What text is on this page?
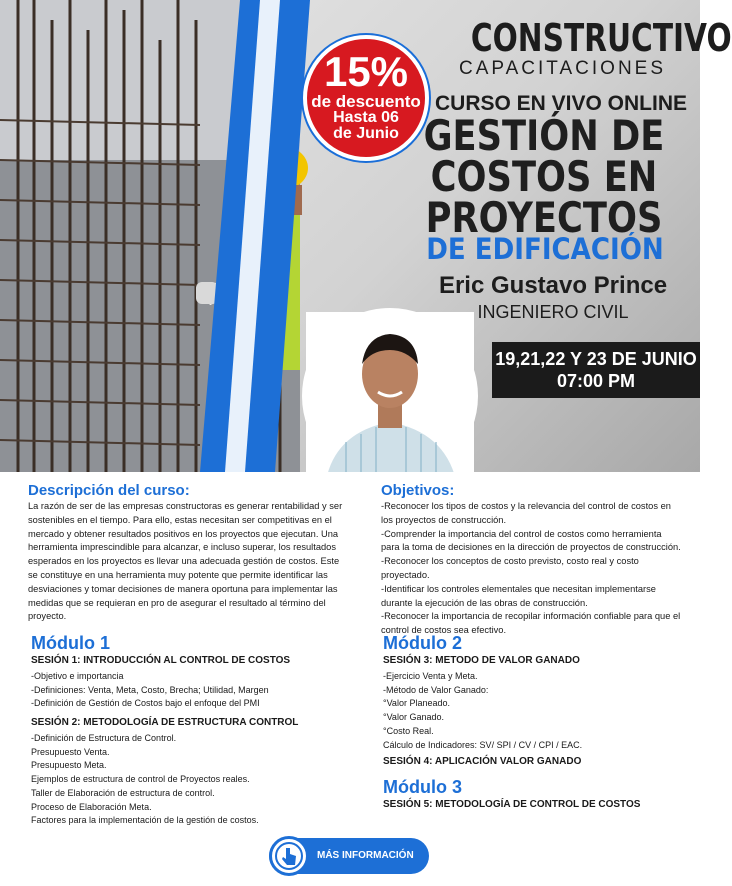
15%
de descuento
Hasta 06
de Junio
CONSTRUCTIVO
CAPACITACIONES
CURSO EN VIVO ONLINE
GESTIÓN DE
COSTOS EN
PROYECTOS
DE EDIFICACIÓN
Eric Gustavo Prince
INGENIERO CIVIL
19,21,22 Y 23 DE JUNIO
07:00 PM
Descripción del curso:
La razón de ser de las empresas constructoras es generar rentabilidad y ser sostenibles en el tiempo. Para ello, estas necesitan ser competitivas en el mercado y obtener resultados positivos en los proyectos que ejecutan. Una herramienta imprescindible para alcanzar, e incluso superar, los resultados esperados en los proyectos es llevar una adecuada gestión de costos. Este se constituye en una herramienta muy potente que permite identificar las desviaciones y tomar decisiones de manera oportuna para implementar las medidas que se requieran en pro de asegurar el resultado al término del proyecto.
Objetivos:
-Reconocer los tipos de costos y la relevancia del control de costos en los proyectos de construcción.
-Comprender la importancia del control de costos como herramienta para la toma de decisiones en la dirección de proyectos de construcción.
-Reconocer los conceptos de costo previsto, costo real y costo proyectado.
-Identificar los controles elementales que necesitan implementarse durante la ejecución de las obras de construcción.
-Reconocer la importancia de recopilar información confiable para que el control de costos sea efectivo.
Módulo 1
SESIÓN 1: INTRODUCCIÓN AL CONTROL DE COSTOS
-Objetivo e importancia
-Definiciones: Venta, Meta, Costo, Brecha; Utilidad, Margen
-Definición de Gestión de Costos bajo el enfoque del PMI
SESIÓN 2: METODOLOGÍA DE ESTRUCTURA CONTROL
-Definición de Estructura de Control.
Presupuesto Venta.
Presupuesto Meta.
Ejemplos de estructura de control de Proyectos reales.
Taller de Elaboración de estructura de control.
Proceso de Elaboración Meta.
Factores para la implementación de la gestión de costos.
Módulo 2
SESIÓN 3: METODO DE VALOR GANADO
-Ejercicio Venta y Meta.
-Método de Valor Ganado:
°Valor Planeado.
°Valor Ganado.
°Costo Real.
Cálculo de Indicadores: SV/ SPI / CV / CPI / EAC.
SESIÓN 4: APLICACIÓN VALOR GANADO
Módulo 3
SESIÓN 5: METODOLOGÍA DE CONTROL DE COSTOS
MÁS INFORMACIÓN
